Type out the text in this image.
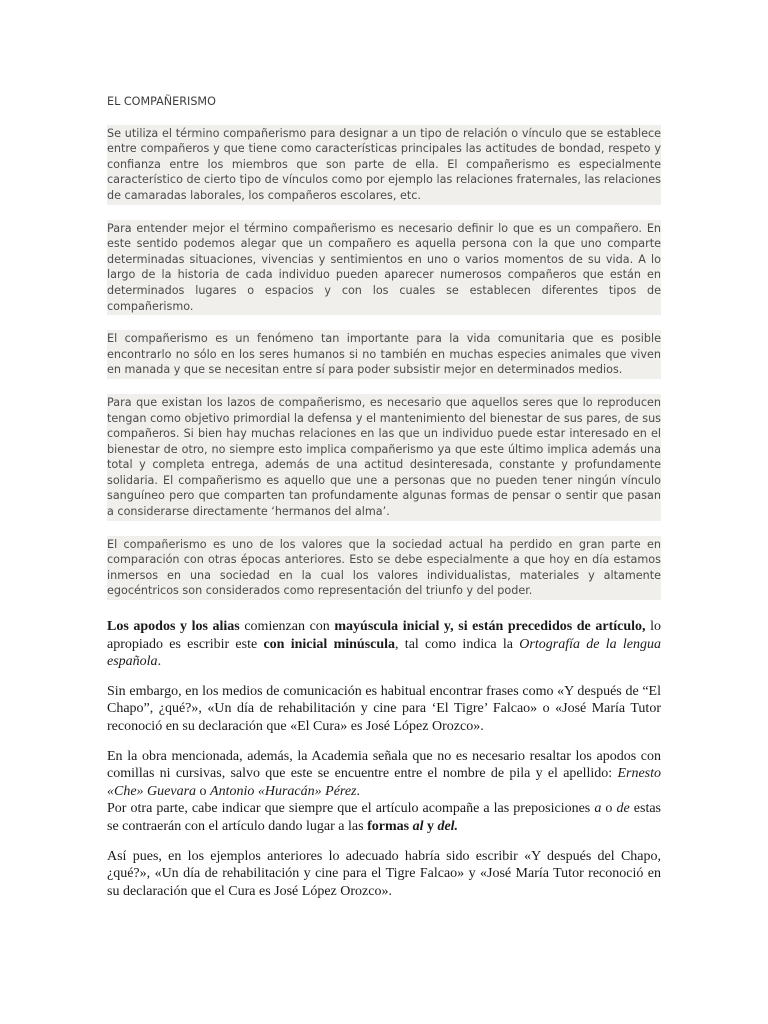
EL COMPAÑERISMO
Se utiliza el término compañerismo para designar a un tipo de relación o vínculo que se establece entre compañeros y que tiene como características principales las actitudes de bondad, respeto y confianza entre los miembros que son parte de ella. El compañerismo es especialmente característico de cierto tipo de vínculos como por ejemplo las relaciones fraternales, las relaciones de camaradas laborales, los compañeros escolares, etc.
Para entender mejor el término compañerismo es necesario definir lo que es un compañero. En este sentido podemos alegar que un compañero es aquella persona con la que uno comparte determinadas situaciones, vivencias y sentimientos en uno o varios momentos de su vida. A lo largo de la historia de cada individuo pueden aparecer numerosos compañeros que están en determinados lugares o espacios y con los cuales se establecen diferentes tipos de compañerismo.
El compañerismo es un fenómeno tan importante para la vida comunitaria que es posible encontrarlo no sólo en los seres humanos si no también en muchas especies animales que viven en manada y que se necesitan entre sí para poder subsistir mejor en determinados medios.
Para que existan los lazos de compañerismo, es necesario que aquellos seres que lo reproducen tengan como objetivo primordial la defensa y el mantenimiento del bienestar de sus pares, de sus compañeros. Si bien hay muchas relaciones en las que un individuo puede estar interesado en el bienestar de otro, no siempre esto implica compañerismo ya que este último implica además una total y completa entrega, además de una actitud desinteresada, constante y profundamente solidaria. El compañerismo es aquello que une a personas que no pueden tener ningún vínculo sanguíneo pero que comparten tan profundamente algunas formas de pensar o sentir que pasan a considerarse directamente ‘hermanos del alma’.
El compañerismo es uno de los valores que la sociedad actual ha perdido en gran parte en comparación con otras épocas anteriores. Esto se debe especialmente a que hoy en día estamos inmersos en una sociedad en la cual los valores individualistas, materiales y altamente egocéntricos son considerados como representación del triunfo y del poder.

Los apodos y los alias comienzan con mayúscula inicial y, si están precedidos de artículo, lo apropiado es escribir este con inicial minúscula, tal como indica la Ortografía de la lengua española.

Sin embargo, en los medios de comunicación es habitual encontrar frases como «Y después de “El Chapo”, ¿qué?», «Un día de rehabilitación y cine para ‘El Tigre’ Falcao» o «José María Tutor reconoció en su declaración que «El Cura» es José López Orozco».

En la obra mencionada, además, la Academia señala que no es necesario resaltar los apodos con comillas ni cursivas, salvo que este se encuentre entre el nombre de pila y el apellido: Ernesto «Che» Guevara o Antonio «Huracán» Pérez.

Por otra parte, cabe indicar que siempre que el artículo acompañe a las preposiciones a o de estas se contraerán con el artículo dando lugar a las formas al y del.

Así pues, en los ejemplos anteriores lo adecuado habría sido escribir «Y después del Chapo, ¿qué?», «Un día de rehabilitación y cine para el Tigre Falcao» y «José María Tutor reconoció en su declaración que el Cura es José López Orozco».
